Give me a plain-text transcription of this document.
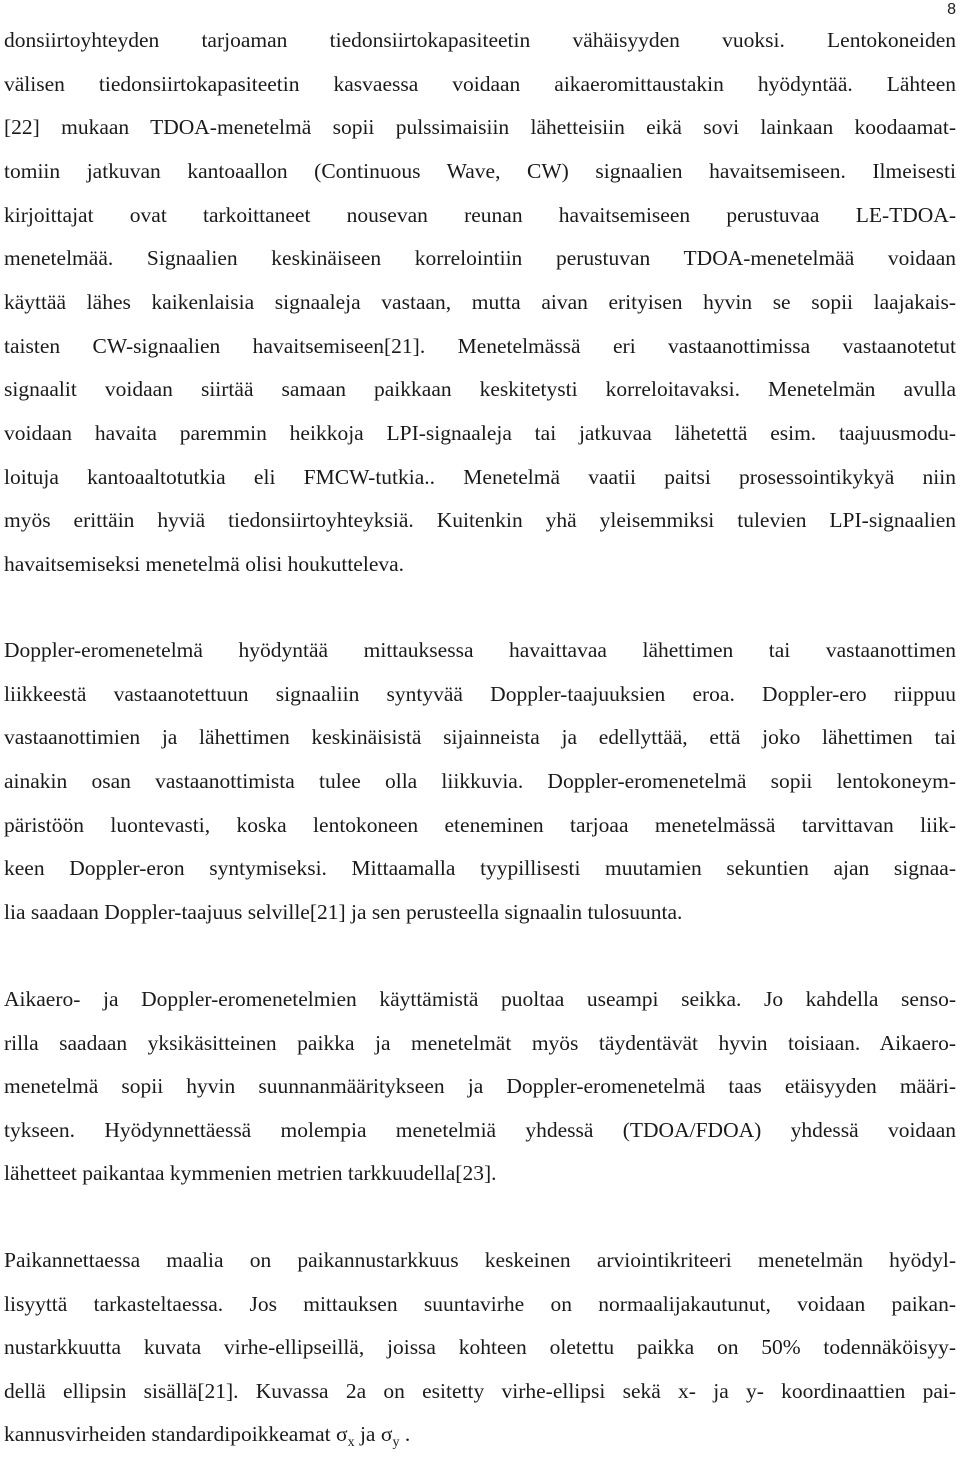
8
donsiirtoyhteyden tarjoaman tiedonsiirtokapasiteetin vähäisyyden vuoksi. Lentokoneiden
välisen tiedonsiirtokapasiteetin kasvaessa voidaan aikaeromittaustakin hyödyntää. Lähteen
[22] mukaan TDOA-menetelmä sopii pulssimaisiin lähetteisiin eikä sovi lainkaan koodaamat-
tomiin jatkuvan kantoaallon (Continuous Wave, CW) signaalien havaitsemiseen. Ilmeisesti
kirjoittajat ovat tarkoittaneet nousevan reunan havaitsemiseen perustuvaa LE-TDOA-
menetelmää. Signaalien keskinäiseen korrelointiin perustuvan TDOA-menetelmää voidaan
käyttää lähes kaikenlaisia signaaleja vastaan, mutta aivan erityisen hyvin se sopii laajakais-
taisten CW-signaalien havaitsemiseen[21]. Menetelmässä eri vastaanottimissa vastaanotetut
signaalit voidaan siirtää samaan paikkaan keskitetysti korreloitavaksi. Menetelmän avulla
voidaan havaita paremmin heikkoja LPI-signaaleja tai jatkuvaa lähetettä esim. taajuusmodu-
loituja kantoaaltotutkia eli FMCW-tutkia.. Menetelmä vaatii paitsi prosessointikykyä niin
myös erittäin hyviä tiedonsiirtoyhteyksiä. Kuitenkin yhä yleisemmiksi tulevien LPI-signaalien
havaitsemiseksi menetelmä olisi houkutteleva.
Doppler-eromenetelmä hyödyntää mittauksessa havaittavaa lähettimen tai vastaanottimen
liikkeestä vastaanotettuun signaaliin syntyvää Doppler-taajuuksien eroa. Doppler-ero riippuu
vastaanottimien ja lähettimen keskinäisistä sijainneista ja edellyttää, että joko lähettimen tai
ainakin osan vastaanottimista tulee olla liikkuvia. Doppler-eromenetelmä sopii lentokoneym-
päristöön luontevasti, koska lentokoneen eteneminen tarjoaa menetelmässä tarvittavan liik-
keen Doppler-eron syntymiseksi. Mittaamalla tyypillisesti muutamien sekuntien ajan signaa-
lia saadaan Doppler-taajuus selville[21] ja sen perusteella signaalin tulosuunta.
Aikaero- ja Doppler-eromenetelmien käyttämistä puoltaa useampi seikka. Jo kahdella senso-
rilla saadaan yksikäsitteinen paikka ja menetelmät myös täydentävät hyvin toisiaan. Aikaero-
menetelmä sopii hyvin suunnanmääritykseen ja Doppler-eromenetelmä taas etäisyyden määri-
tykseen. Hyödynnettäessä molempia menetelmiä yhdessä (TDOA/FDOA) yhdessä voidaan
lähetteet paikantaa kymmenien metrien tarkkuudella[23].
Paikannettaessa maalia on paikannustarkkuus keskeinen arviointikriteeri menetelmän hyödyl-
lisyyttä tarkasteltaessa. Jos mittauksen suuntavirhe on normaalijakautunut, voidaan paikan-
nustarkkuutta kuvata virhe-ellipseillä, joissa kohteen oletettu paikka on 50% todennäköisyy-
dellä ellipsin sisällä[21]. Kuvassa 2a on esitetty virhe-ellipsi sekä x- ja y- koordinaattien pai-
kannusvirheiden standardipoikkeamat $\sigma_x$ ja $\sigma_y$ .
